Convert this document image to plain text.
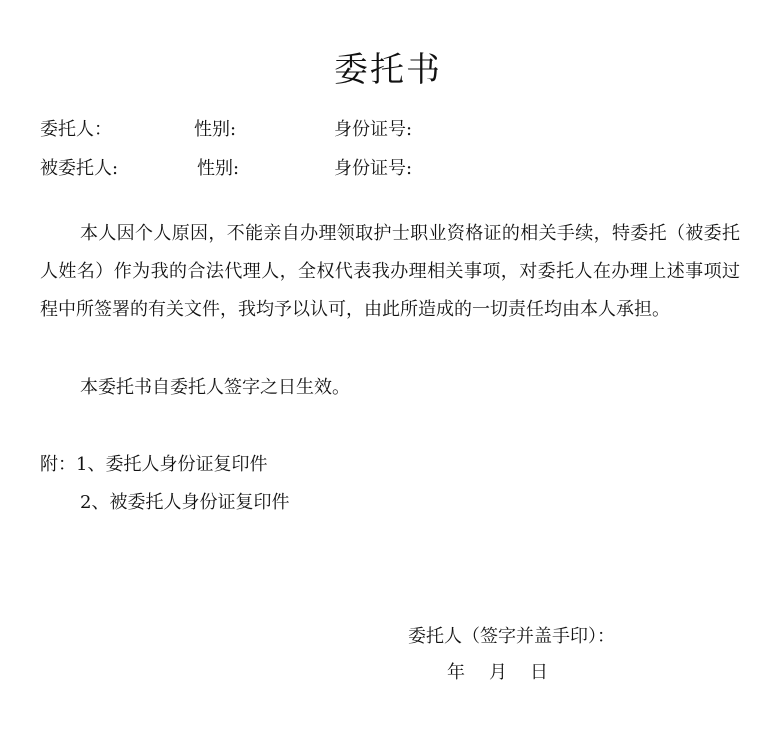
委托书
委托人：	性别:	身份证号:
被委托人:	性别:	身份证号:
本人因个人原因，不能亲自办理领取护士职业资格证的相关手续，特委托（被委托人姓名）作为我的合法代理人，全权代表我办理相关事项，对委托人在办理上述事项过程中所签署的有关文件，我均予以认可，由此所造成的一切责任均由本人承担。
本委托书自委托人签字之日生效。
附：1、委托人身份证复印件
2、被委托人身份证复印件
委托人（签字并盖手印）：
年 月 日
